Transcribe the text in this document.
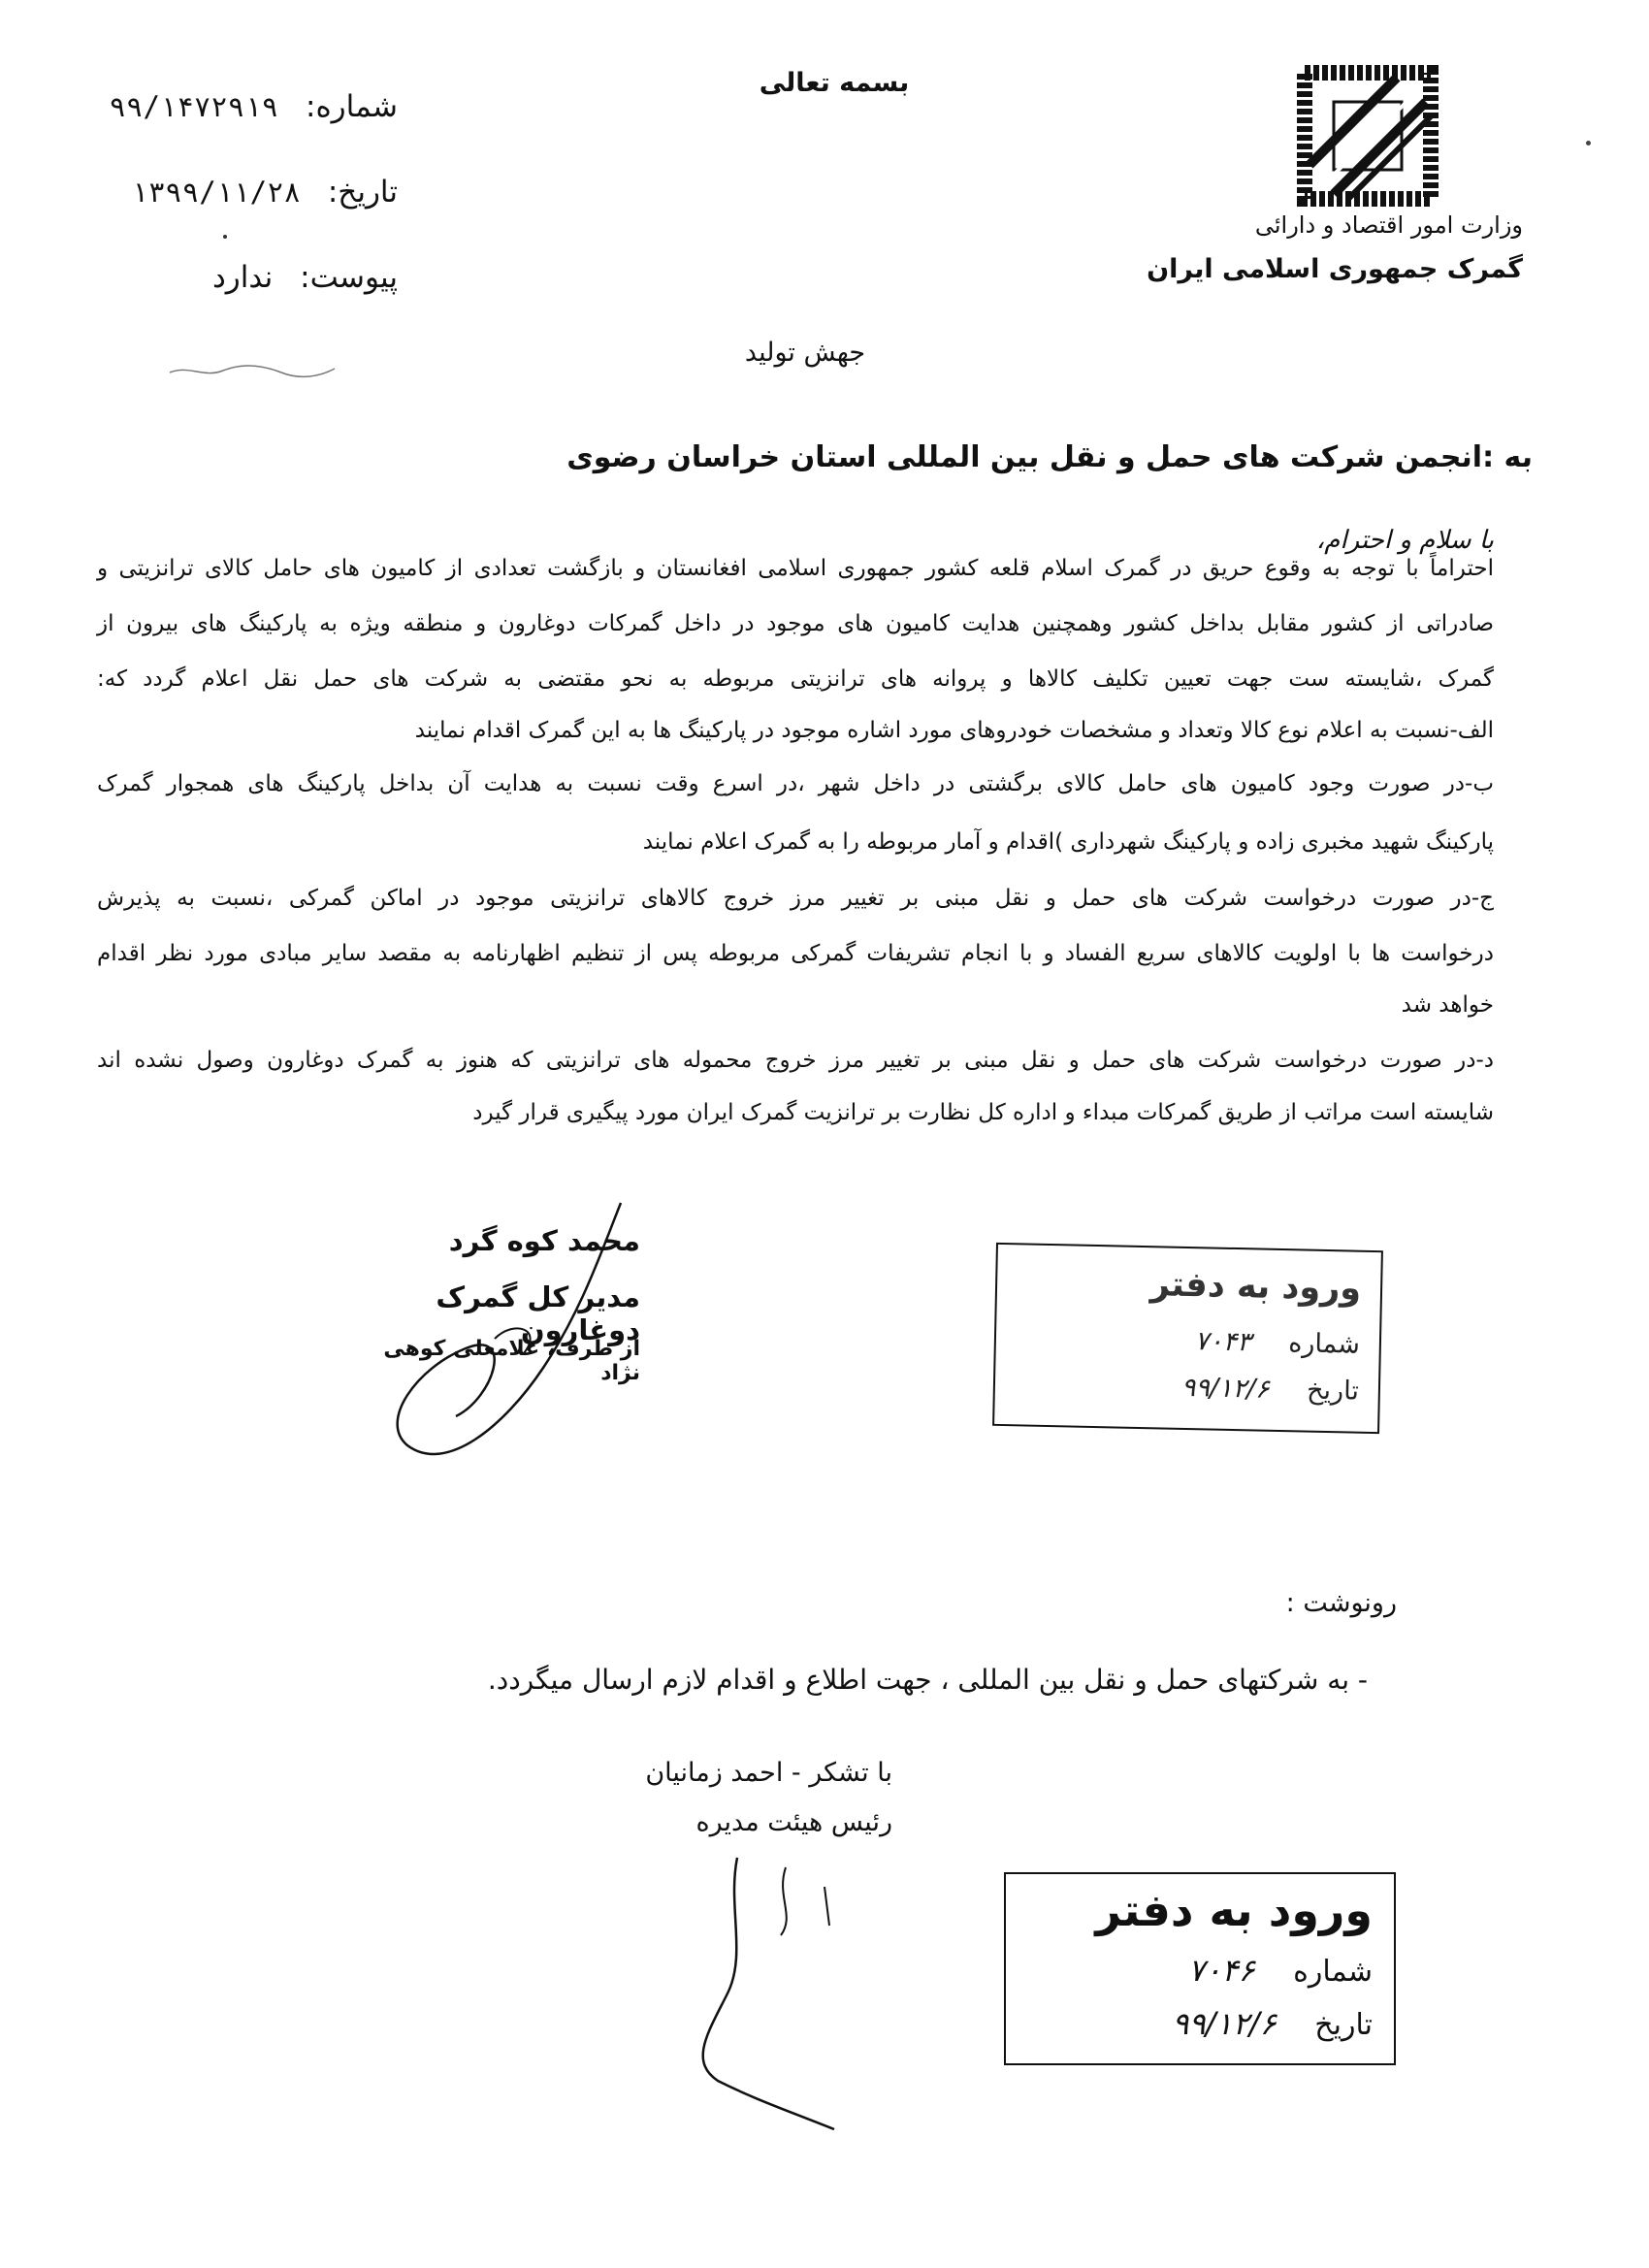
بسمه تعالی
شماره: ۹۹/۱۴۷۲۹۱۹
تاریخ: ۱۳۹۹/۱۱/۲۸
پیوست: ندارد
وزارت امور اقتصاد و دارائی
گمرک جمهوری اسلامی ایران
جهش تولید
به :انجمن شرکت های حمل و نقل بین المللی استان خراسان رضوی
با سلام و احترام،
احتراماً با توجه به وقوع حریق در گمرک اسلام قلعه کشور جمهوری اسلامی افغانستان و بازگشت تعدادی از کامیون های حامل کالای ترانزیتی و
صادراتی از کشور مقابل بداخل کشور وهمچنین هدایت کامیون های موجود در داخل گمرکات دوغارون و منطقه ویژه به پارکینگ های بیرون از
گمرک ،شایسته ست جهت تعیین تکلیف کالاها و پروانه های ترانزیتی مربوطه به نحو مقتضی به شرکت های حمل نقل اعلام گردد که:
الف-نسبت به اعلام نوع کالا وتعداد و مشخصات خودروهای مورد اشاره موجود در پارکینگ ها به این گمرک اقدام نمایند
ب-در صورت وجود کامیون های حامل کالای برگشتی در داخل شهر ،در اسرع وقت نسبت به هدایت آن بداخل پارکینگ های همجوار گمرک
پارکینگ شهید مخبری زاده و پارکینگ شهرداری )اقدام و آمار مربوطه را به گمرک اعلام نمایند
ج-در صورت درخواست شرکت های حمل و نقل مبنی بر تغییر مرز خروج کالاهای ترانزیتی موجود در اماکن گمرکی ،نسبت به پذیرش
درخواست ها با اولویت کالاهای سریع الفساد و با انجام تشریفات گمرکی مربوطه پس از تنظیم اظهارنامه به مقصد سایر مبادی مورد نظر اقدام
خواهد شد
د-در صورت درخواست شرکت های حمل و نقل مبنی بر تغییر مرز خروج محموله های ترانزیتی که هنوز به گمرک دوغارون وصول نشده اند
شایسته است مراتب از طریق گمرکات مبداء و اداره کل نظارت بر ترانزیت گمرک ایران مورد پیگیری قرار گیرد
محمد کوه گرد
مدیر کل گمرک دوغارون
از طرف، غلامعلی کوهی نژاد
ورود به دفتر
شماره ۷۰۴۳
تاریخ ۹۹/۱۲/۶
رونوشت :
- به شرکتهای حمل و نقل بین المللی ، جهت اطلاع و اقدام لازم ارسال میگردد.
با تشکر - احمد زمانیان
رئیس هیئت مدیره
ورود به دفتر
شماره ۷۰۴۶
تاریخ ۹۹/۱۲/۶
